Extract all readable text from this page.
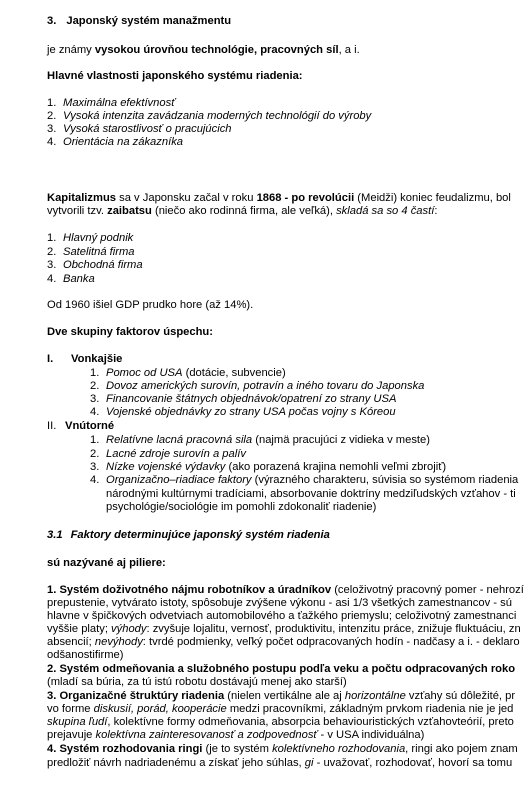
3. Japonský systém manažmentu
je známy vysokou úrovňou technológie, pracovných síl, a i.
Hlavné vlastnosti japonského systému riadenia:
1. Maximálna efektívnosť
2. Vysoká intenzita zavádzania moderných technológií do výroby
3. Vysoká starostlivosť o pracujúcich
4. Orientácia na zákazníka
Kapitalizmus sa v Japonsku začal v roku 1868 - po revolúcii (Meidži) koniec feudalizmu, bol
vytvorili tzv. zaibatsu (niečo ako rodinná firma, ale veľká), skladá sa so 4 častí:
1. Hlavný podnik
2. Satelitná firma
3. Obchodná firma
4. Banka
Od 1960 išiel GDP prudko hore (až 14%).
Dve skupiny faktorov úspechu:
I. Vonkajšie
1. Pomoc od USA (dotácie, subvencie)
2. Dovoz amerických surovín, potravín a iného tovaru do Japonska
3. Financovanie štátnych objednávok/opatrení zo strany USA
4. Vojenské objednávky zo strany USA počas vojny s Kóreou
II. Vnútorné
1. Relatívne lacná pracovná sila (najmä pracujúci z vidieka v meste)
2. Lacné zdroje surovín a palív
3. Nízke vojenské výdavky (ako porazená krajina nemohli veľmi zbrojiť)
4. Organizačno–riadiace faktory (výrazného charakteru, súvisia so systémom riadenia
národnými kultúrnymi tradíciami, absorbovanie doktríny medziľudských vzťahov - ti
psychológie/sociológie im pomohli zdokonaliť riadenie)
3.1 Faktory determinujúce japonský systém riadenia
sú nazývané aj piliere:
1. Systém doživotného nájmu robotníkov a úradníkov (celoživotný pracovný pomer - nehrozí
prepustenie, vytvárato istoty, spôsobuje zvýšene výkonu - asi 1/3 všetkých zamestnancov - sú
hlavne v špičkových odvetviach automobilového a ťažkého priemyslu; celoživotný zamestnanci
vyššie platy; výhody: zvyšuje lojalitu, vernosť, produktivitu, intenzitu práce, znižuje fluktuáciu, zn
absencií; nevýhody: tvrdé podmienky, veľký počet odpracovaných hodín - nadčasy a i. - deklaro
odšanostifirme)
2. Systém odmeňovania a služobného postupu podľa veku a počtu odpracovaných roko
(mladí sa búria, za tú istú robotu dostávajú menej ako starší)
3. Organizačné štruktúry riadenia (nielen vertikálne ale aj horizontálne vzťahy sú dôležité, pr
vo forme diskusií, porád, kooperácie medzi pracovníkmi, základným prvkom riadenia nie je jed
skupina ľudí, kolektívne formy odmeňovania, absorpcia behaviouristických vzťahovteórií, preto
prejavuje kolektívna zainteresovanosť a zodpovednosť - v USA individuálna)
4. Systém rozhodovania ringi (je to systém kolektívneho rozhodovania, ringi ako pojem znam
predložiť návrh nadriadenému a získať jeho súhlas, gi - uvažovať, rozhodovať, hovorí sa tomu
